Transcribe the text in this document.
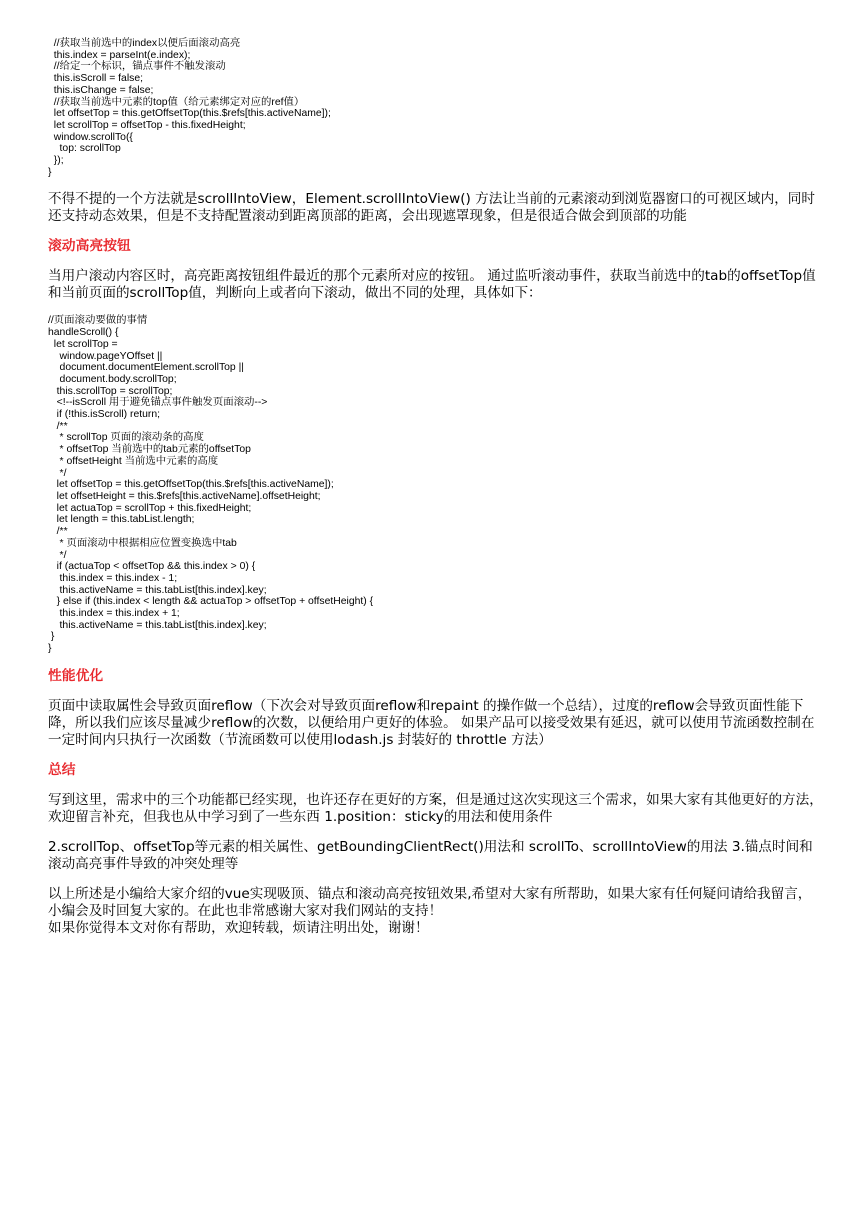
//获取当前选中的index以便后面滚动高亮
this.index = parseInt(e.index);
//给定一个标识，锚点事件不触发滚动
this.isScroll = false;
this.isChange = false;
//获取当前选中元素的top值（给元素绑定对应的ref值）
let offsetTop = this.getOffsetTop(this.$refs[this.activeName]);
let scrollTop = offsetTop - this.fixedHeight;
window.scrollTo({
top: scrollTop
});
}

不得不提的一个方法就是scrollIntoView，Element.scrollIntoView() 方法让当前的元素滚动到浏览器窗口的可视区域内，同时还支持动态效果，但是不支持配置滚动到距离顶部的距离，会出现遮罩现象，但是很适合做会到顶部的功能

滚动高亮按钮

当用户滚动内容区时，高亮距离按钮组件最近的那个元素所对应的按钮。 通过监听滚动事件，获取当前选中的tab的offsetTop值和当前页面的scrollTop值，判断向上或者向下滚动，做出不同的处理，具体如下：

//页面滚动要做的事情
handleScroll() {
let scrollTop =
window.pageYOffset ||
document.documentElement.scrollTop ||
document.body.scrollTop;
this.scrollTop = scrollTop;
<!--isScroll 用于避免锚点事件触发页面滚动-->
if (!this.isScroll) return;
/**
* scrollTop 页面的滚动条的高度
* offsetTop 当前选中的tab元素的offsetTop
* offsetHeight 当前选中元素的高度
*/
let offsetTop = this.getOffsetTop(this.$refs[this.activeName]);
let offsetHeight = this.$refs[this.activeName].offsetHeight;
let actuaTop = scrollTop + this.fixedHeight;
let length = this.tabList.length;
/**
* 页面滚动中根据相应位置变换选中tab
*/
if (actuaTop < offsetTop && this.index > 0) {
this.index = this.index - 1;
this.activeName = this.tabList[this.index].key;
} else if (this.index < length && actuaTop > offsetTop + offsetHeight) {
this.index = this.index + 1;
this.activeName = this.tabList[this.index].key;
}
}
性能优化

页面中读取属性会导致页面reflow（下次会对导致页面reflow和repaint 的操作做一个总结），过度的reflow会导致页面性能下降，所以我们应该尽量减少reflow的次数，以便给用户更好的体验。 如果产品可以接受效果有延迟，就可以使用节流函数控制在一定时间内只执行一次函数（节流函数可以使用lodash.js 封装好的 throttle 方法）

总结

写到这里，需求中的三个功能都已经实现，也许还存在更好的方案，但是通过这次实现这三个需求，如果大家有其他更好的方法，欢迎留言补充，但我也从中学习到了一些东西 1.position：sticky的用法和使用条件

2.scrollTop、offsetTop等元素的相关属性、getBoundingClientRect()用法和 scrollTo、scrollIntoView的用法 3.锚点时间和滚动高亮事件导致的冲突处理等

以上所述是小编给大家介绍的vue实现吸顶、锚点和滚动高亮按钮效果,希望对大家有所帮助，如果大家有任何疑问请给我留言，小编会及时回复大家的。在此也非常感谢大家对我们网站的支持！

如果你觉得本文对你有帮助，欢迎转载，烦请注明出处，谢谢！
